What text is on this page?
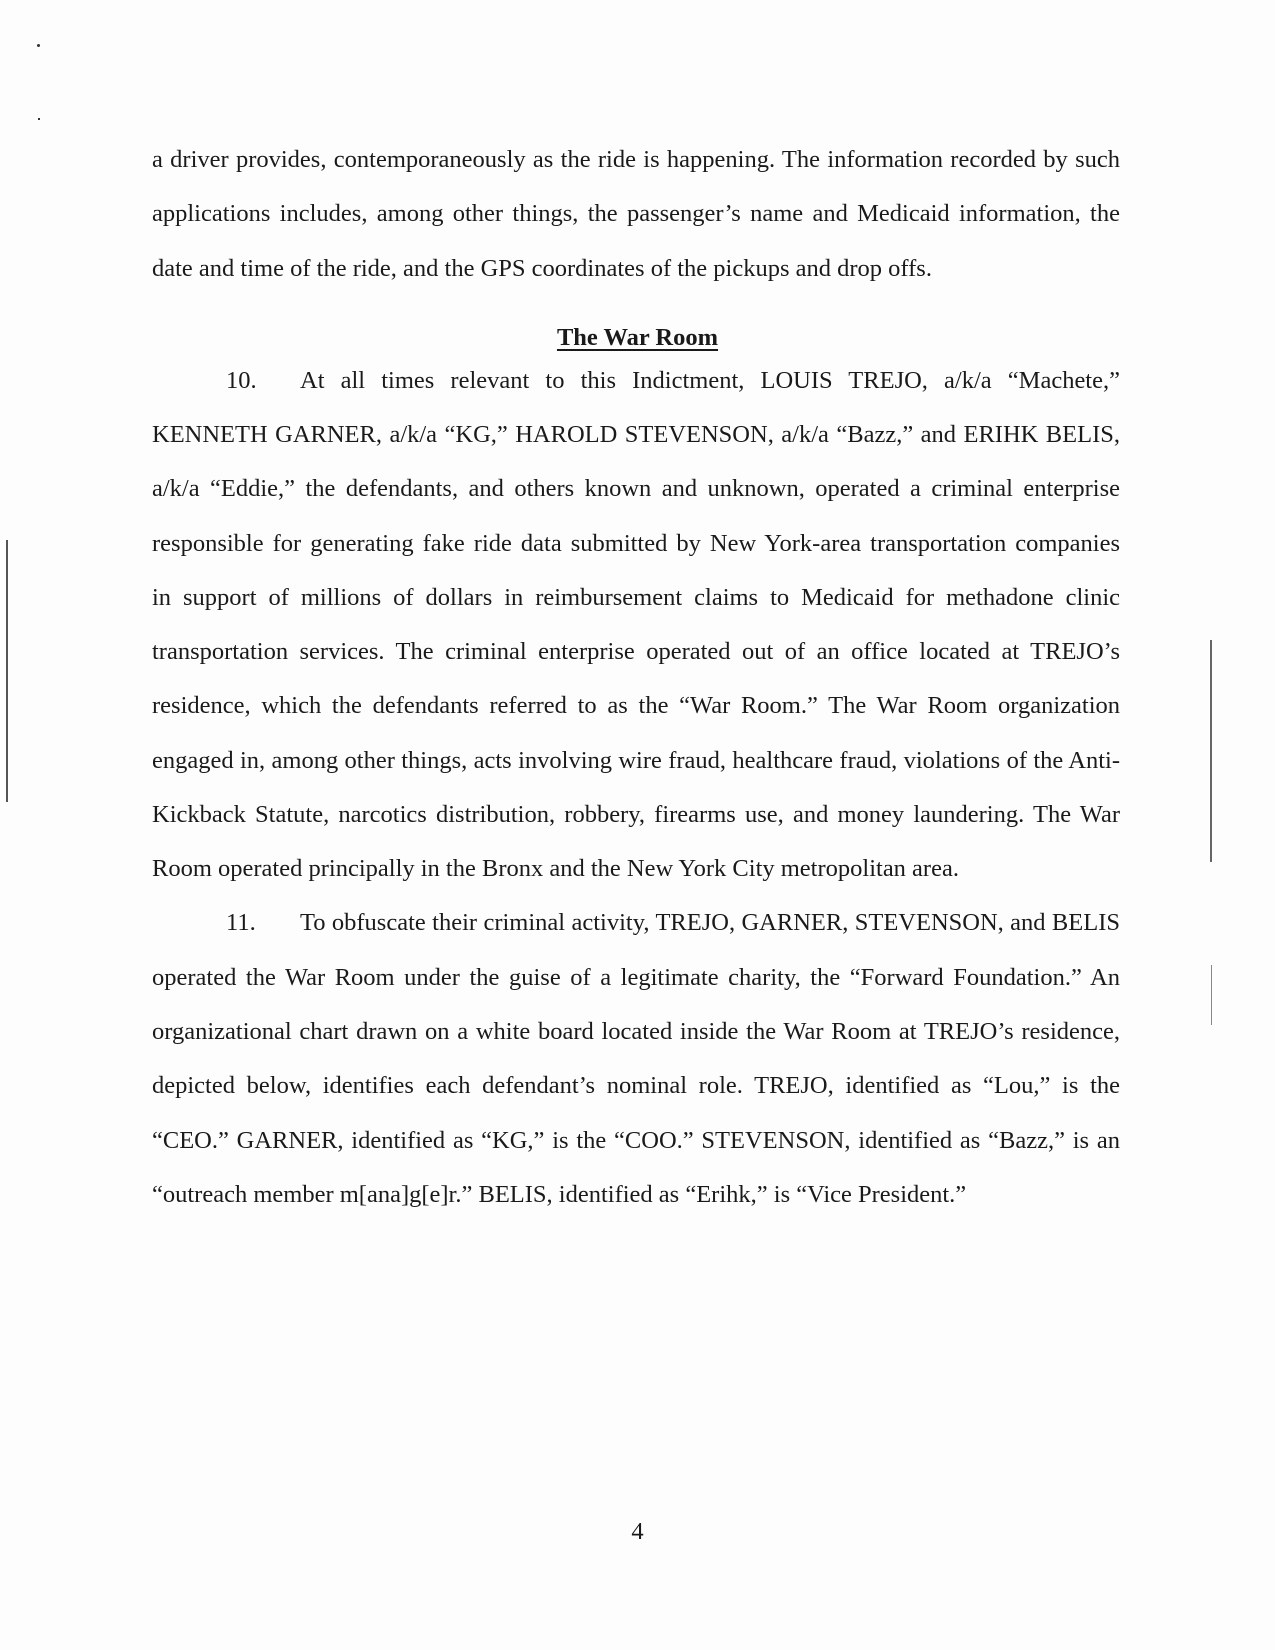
a driver provides, contemporaneously as the ride is happening. The information recorded by such
applications includes, among other things, the passenger’s name and Medicaid information, the
date and time of the ride, and the GPS coordinates of the pickups and drop offs.
The War Room
10.	At all times relevant to this Indictment, LOUIS TREJO, a/k/a “Machete,”
KENNETH GARNER, a/k/a “KG,” HAROLD STEVENSON, a/k/a “Bazz,” and ERIHK BELIS,
a/k/a “Eddie,” the defendants, and others known and unknown, operated a criminal enterprise
responsible for generating fake ride data submitted by New York-area transportation companies
in support of millions of dollars in reimbursement claims to Medicaid for methadone clinic
transportation services. The criminal enterprise operated out of an office located at TREJO’s
residence, which the defendants referred to as the “War Room.” The War Room organization
engaged in, among other things, acts involving wire fraud, healthcare fraud, violations of the Anti-
Kickback Statute, narcotics distribution, robbery, firearms use, and money laundering. The War
Room operated principally in the Bronx and the New York City metropolitan area.
11.	To obfuscate their criminal activity, TREJO, GARNER, STEVENSON, and BELIS
operated the War Room under the guise of a legitimate charity, the “Forward Foundation.” An
organizational chart drawn on a white board located inside the War Room at TREJO’s residence,
depicted below, identifies each defendant’s nominal role. TREJO, identified as “Lou,” is the
“CEO.” GARNER, identified as “KG,” is the “COO.” STEVENSON, identified as “Bazz,” is an
“outreach member m[ana]g[e]r.” BELIS, identified as “Erihk,” is “Vice President.”
4
